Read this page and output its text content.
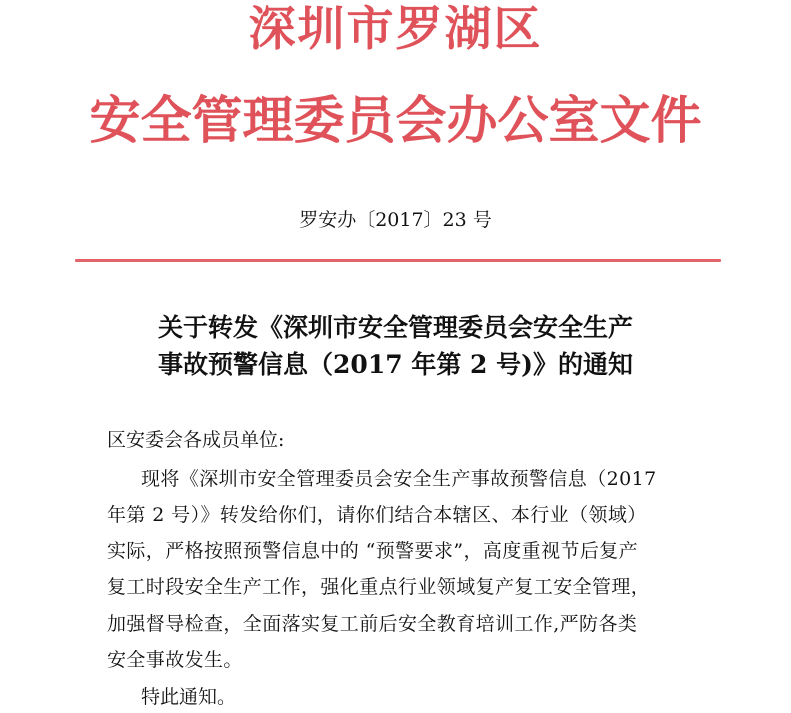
深圳市罗湖区
安全管理委员会办公室文件
罗安办〔2017〕23 号
关于转发《深圳市安全管理委员会安全生产
事故预警信息（2017 年第 2 号)》的通知
区安委会各成员单位:
现将《深圳市安全管理委员会安全生产事故预警信息（2017
年第 2 号）》转发给你们，请你们结合本辖区、本行业（领域）
实际，严格按照预警信息中的 “预警要求”，高度重视节后复产
复工时段安全生产工作，强化重点行业领域复产复工安全管理，
加强督导检查，全面落实复工前后安全教育培训工作,严防各类
安全事故发生。
特此通知。
